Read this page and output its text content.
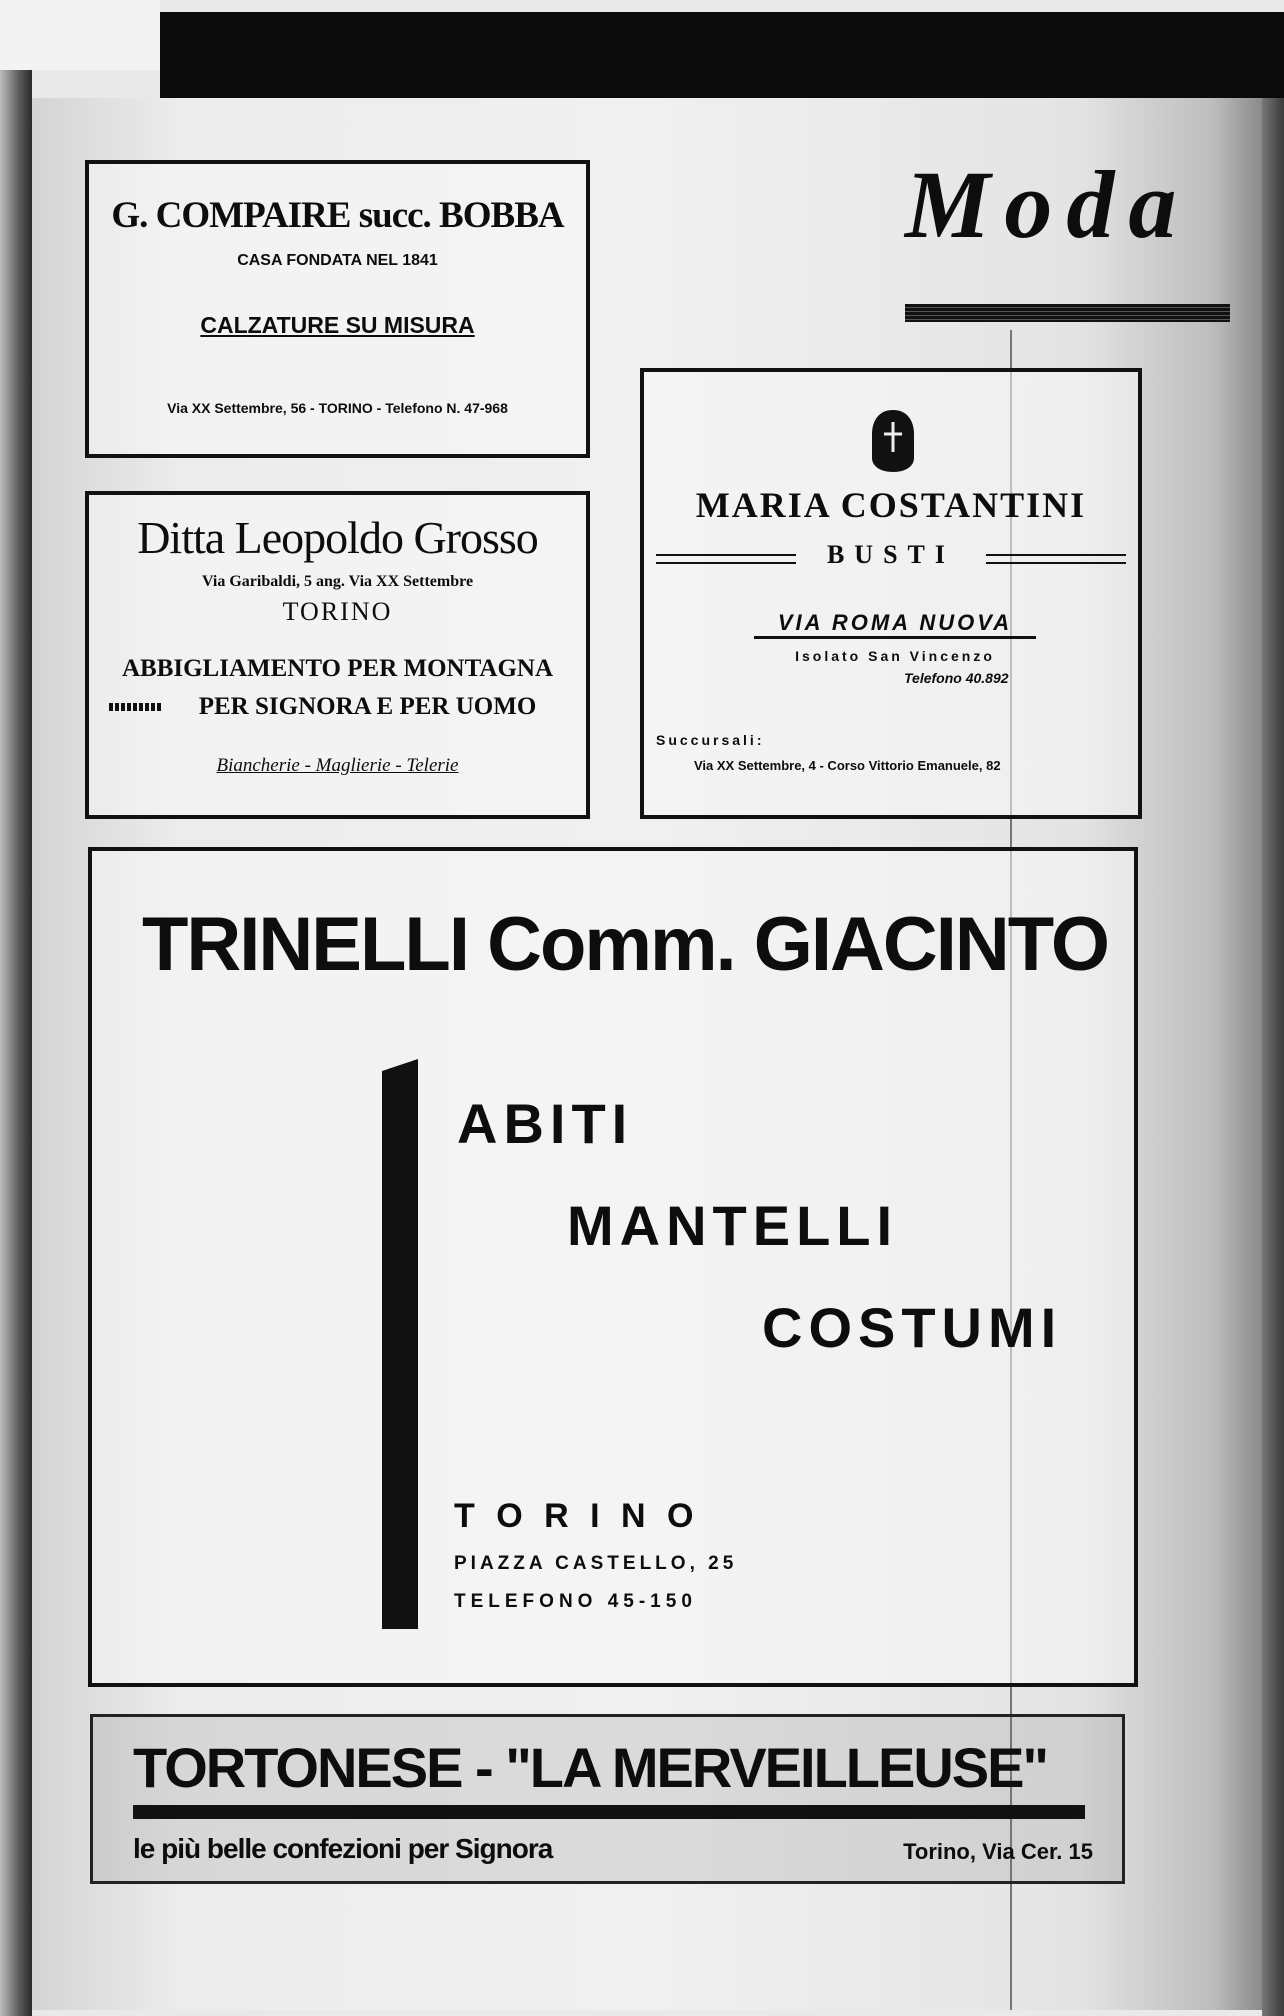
G. COMPAIRE succ. BOBBA
CASA FONDATA NEL 1841
CALZATURE SU MISURA
Via XX Settembre, 56 - TORINO - Telefono N. 47-968
Moda
Ditta Leopoldo Grosso
Via Garibaldi, 5 ang. Via XX Settembre
TORINO
ABBIGLIAMENTO PER MONTAGNA
PER SIGNORA E PER UOMO
Biancherie - Maglierie - Telerie
MARIA COSTANTINI
BUSTI
VIA ROMA NUOVA
Isolato San Vincenzo
Telefono 40.892
Succursali:
Via XX Settembre, 4 - Corso Vittorio Emanuele, 82
TRINELLI Comm. GIACINTO
ABITI
MANTELLI
COSTUMI
T O R I N O
PIAZZA CASTELLO, 25
TELEFONO 45-150
TORTONESE - "LA MERVEILLEUSE"
le più belle confezioni per Signora	Torino, Via Cer. 15
